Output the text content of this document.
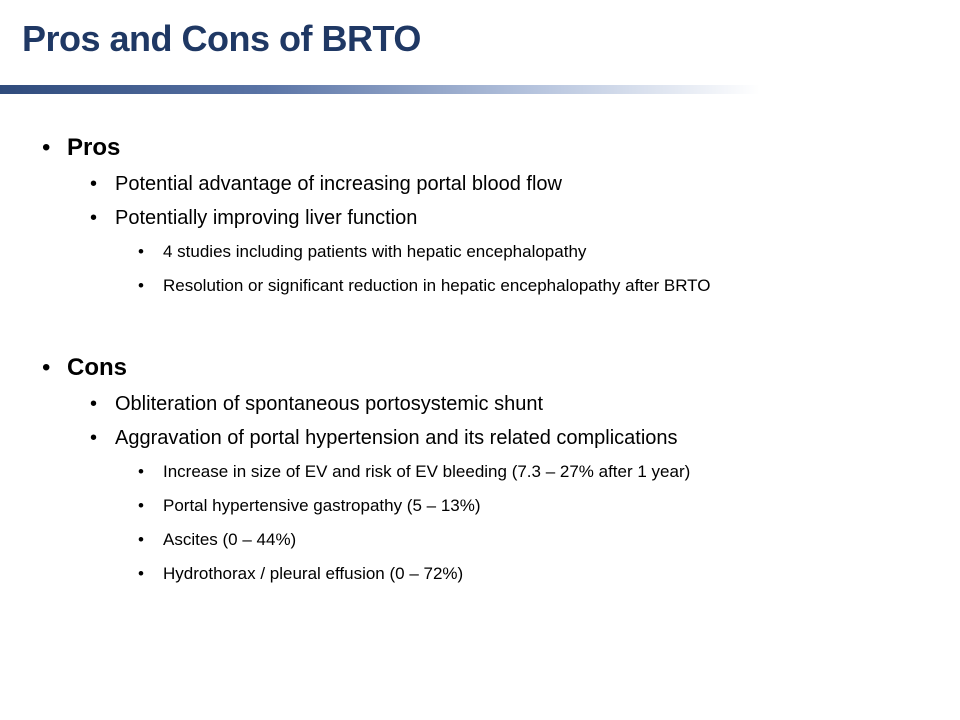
Pros and Cons of BRTO
• Pros
• Potential advantage of increasing portal blood flow
• Potentially improving liver function
• 4 studies including patients with hepatic encephalopathy
• Resolution or significant reduction in hepatic encephalopathy after BRTO
• Cons
• Obliteration of spontaneous portosystemic shunt
• Aggravation of portal hypertension and its related complications
• Increase in size of EV and risk of EV bleeding (7.3 – 27% after 1 year)
• Portal hypertensive gastropathy (5 – 13%)
• Ascites (0 – 44%)
• Hydrothorax / pleural effusion (0 – 72%)
